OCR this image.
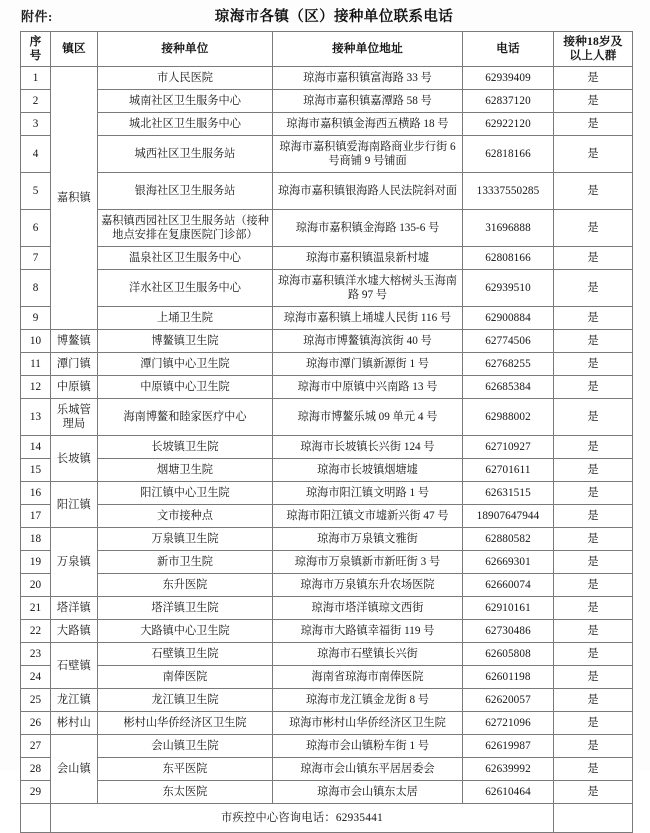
附件:	琼海市各镇（区）接种单位联系电话
序
号	镇区	接种单位	接种单位地址	电话	接种18岁及
以上人群

1	嘉积镇	市人民医院	琼海市嘉积镇富海路 33 号	62939409	是
2		城南社区卫生服务中心	琼海市嘉积镇嘉潭路 58 号	62837120	是
3		城北社区卫生服务中心	琼海市嘉积镇金海西五横路 18 号	62922120	是
4		城西社区卫生服务站	琼海市嘉积镇爱海南路商业步行街 6 号商铺 9 号铺面	62818166	是
5		银海社区卫生服务站	琼海市嘉积镇银海路人民法院斜对面	13337550285	是
6		嘉积镇西园社区卫生服务站（接种地点安排在复康医院门诊部）	琼海市嘉积镇金海路 135-6 号	31696888	是
7		温泉社区卫生服务中心	琼海市嘉积镇温泉新村墟	62808166	是
8		洋水社区卫生服务中心	琼海市嘉积镇洋水墟大榕树头玉海南路 97 号	62939510	是
9		上埇卫生院	琼海市嘉积镇上埇墟人民街 116 号	62900884	是
10	博鳌镇	博鳌镇卫生院	琼海市博鳌镇海滨街 40 号	62774506	是
11	潭门镇	潭门镇中心卫生院	琼海市潭门镇新源街 1 号	62768255	是
12	中原镇	中原镇中心卫生院	琼海市中原镇中兴南路 13 号	62685384	是
13	乐城管理局	海南博鳌和睦家医疗中心	琼海市博鳌乐城 09 单元 4 号	62988002	是
14	长坡镇	长坡镇卫生院	琼海市长坡镇长兴街 124 号	62710927	是
15		烟塘卫生院	琼海市长坡镇烟塘墟	62701611	是
16	阳江镇	阳江镇中心卫生院	琼海市阳江镇文明路 1 号	62631515	是
17		文市接种点	琼海市阳江镇文市墟新兴街 47 号	18907647944	是
18	万泉镇	万泉镇卫生院	琼海市万泉镇文雅街	62880582	是
19		新市卫生院	琼海市万泉镇新市新旺街 3 号	62669301	是
20		东升医院	琼海市万泉镇东升农场医院	62660074	是
21	塔洋镇	塔洋镇卫生院	琼海市塔洋镇琼文西街	62910161	是
22	大路镇	大路镇中心卫生院	琼海市大路镇幸福街 119 号	62730486	是
23	石壁镇	石壁镇卫生院	琼海市石壁镇长兴街	62605808	是
24		南俸医院	海南省琼海市南俸医院	62601198	是
25	龙江镇	龙江镇卫生院	琼海市龙江镇金龙街 8 号	62620057	是
26	彬村山	彬村山华侨经济区卫生院	琼海市彬村山华侨经济区卫生院	62721096	是
27	会山镇	会山镇卫生院	琼海市会山镇粉车街 1 号	62619987	是
28		东平医院	琼海市会山镇东平居居委会	62639992	是
29		东太医院	琼海市会山镇东太居	62610464	是
	市疾控中心咨询电话：62935441				
